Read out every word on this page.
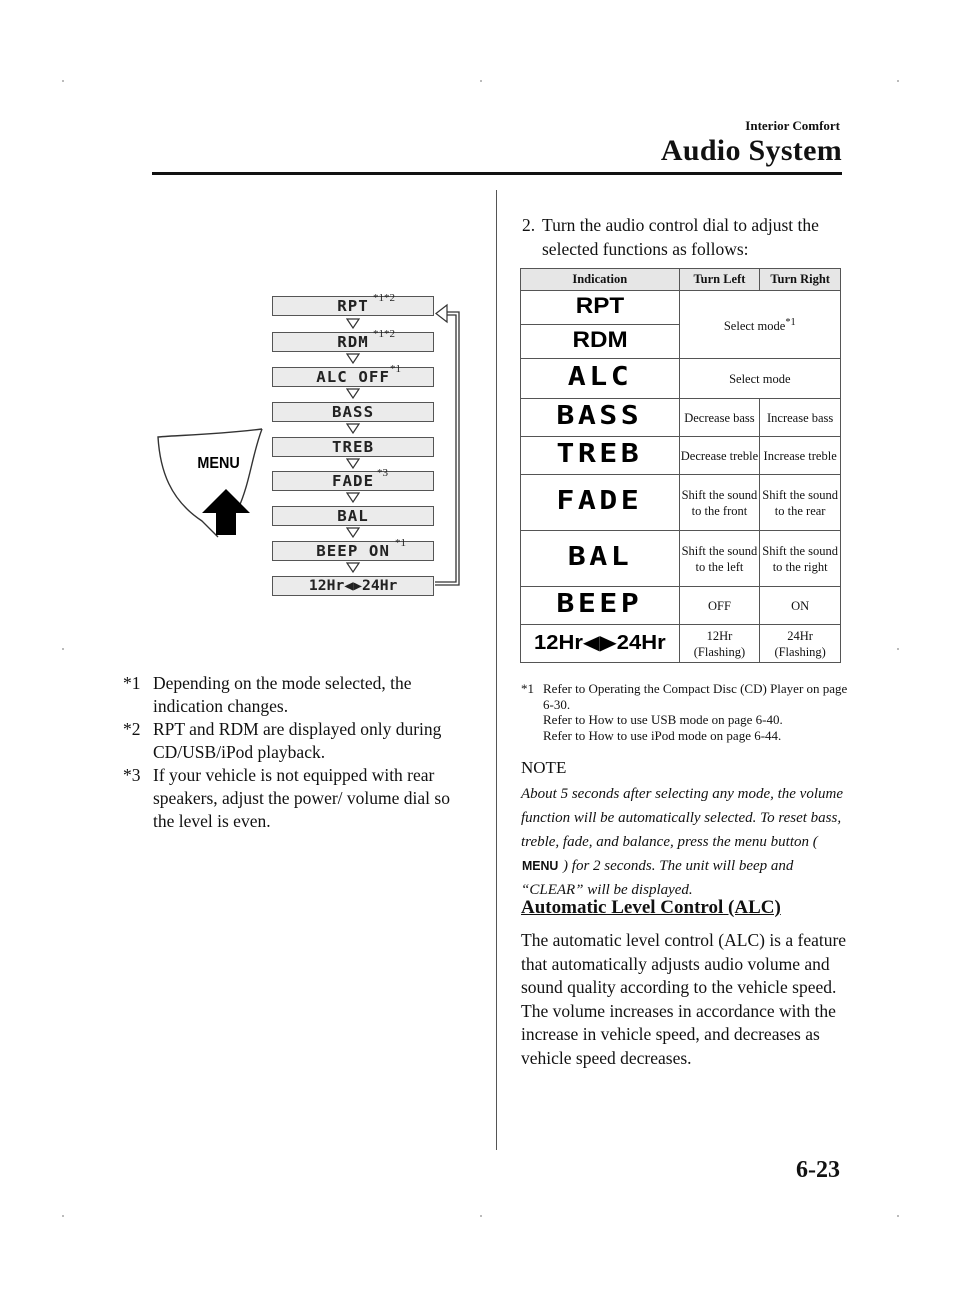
Interior Comfort
Audio System
RPT *1*2
RDM *1*2
ALC OFF *1
BASS
TREB
FADE *3
BAL
BEEP ON *1
12Hr◀▶24Hr
MENU
*1 Depending on the mode selected, the indication changes.
*2 RPT and RDM are displayed only during CD/USB/iPod playback.
*3 If your vehicle is not equipped with rear speakers, adjust the power/ volume dial so the level is even.
2. Turn the audio control dial to adjust the selected functions as follows:
Indication	Turn Left	Turn Right
RPT	Select mode$^{*1}$
RDM		
ALC	Select mode	
BASS	Decrease bass	Increase bass
TREB	Decrease treble	Increase treble
FADE	Shift the sound to the front	Shift the sound to the rear
BAL	Shift the sound to the left	Shift the sound to the right
BEEP	OFF	ON
12Hr◀▶24Hr	12Hr (Flashing)	24Hr (Flashing)
*1 Refer to Operating the Compact Disc (CD) Player on page 6-30.
Refer to How to use USB mode on page 6-40.
Refer to How to use iPod mode on page 6-44.
NOTE
About 5 seconds after selecting any mode, the volume function will be automatically selected. To reset bass, treble, fade, and balance, press the menu button (MENU ) for 2 seconds. The unit will beep and “CLEAR” will be displayed.
Automatic Level Control (ALC)
The automatic level control (ALC) is a feature that automatically adjusts audio volume and sound quality according to the vehicle speed.
The volume increases in accordance with the increase in vehicle speed, and decreases as vehicle speed decreases.
6-23
